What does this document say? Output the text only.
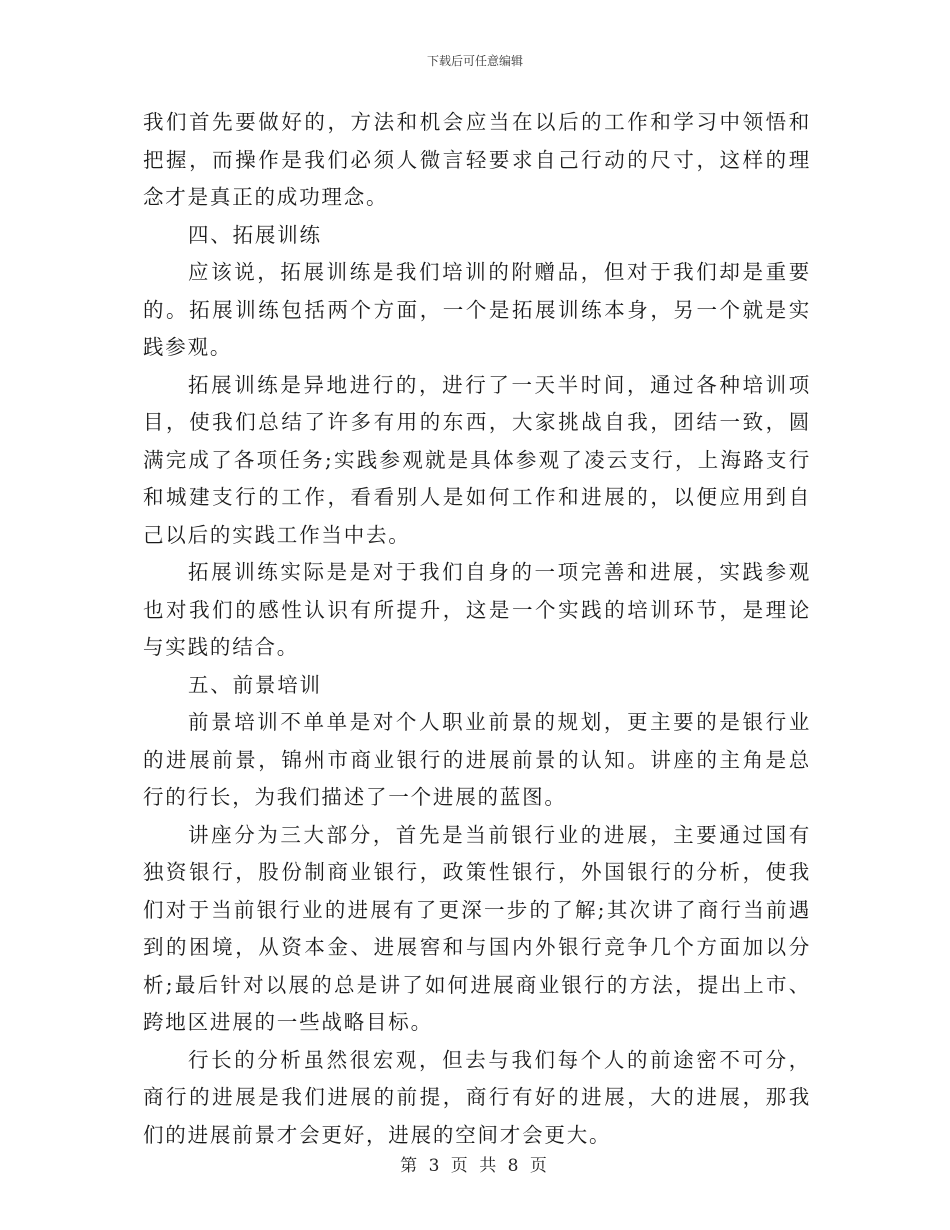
下载后可任意编辑

我们首先要做好的，方法和机会应当在以后的工作和学习中领悟和把握，而操作是我们必须人微言轻要求自己行动的尺寸，这样的理念才是真正的成功理念。

四、拓展训练

应该说，拓展训练是我们培训的附赠品，但对于我们却是重要的。拓展训练包括两个方面，一个是拓展训练本身，另一个就是实践参观。

拓展训练是异地进行的，进行了一天半时间，通过各种培训项目，使我们总结了许多有用的东西，大家挑战自我，团结一致，圆满完成了各项任务;实践参观就是具体参观了凌云支行，上海路支行和城建支行的工作，看看别人是如何工作和进展的，以便应用到自己以后的实践工作当中去。

拓展训练实际是是对于我们自身的一项完善和进展，实践参观也对我们的感性认识有所提升，这是一个实践的培训环节，是理论与实践的结合。

五、前景培训

前景培训不单单是对个人职业前景的规划，更主要的是银行业的进展前景，锦州市商业银行的进展前景的认知。讲座的主角是总行的行长，为我们描述了一个进展的蓝图。

讲座分为三大部分，首先是当前银行业的进展，主要通过国有独资银行，股份制商业银行，政策性银行，外国银行的分析，使我们对于当前银行业的进展有了更深一步的了解;其次讲了商行当前遇到的困境，从资本金、进展窖和与国内外银行竞争几个方面加以分析;最后针对以展的总是讲了如何进展商业银行的方法，提出上市、跨地区进展的一些战略目标。

行长的分析虽然很宏观，但去与我们每个人的前途密不可分，商行的进展是我们进展的前提，商行有好的进展，大的进展，那我们的进展前景才会更好，进展的空间才会更大。

第 3 页 共 8 页
